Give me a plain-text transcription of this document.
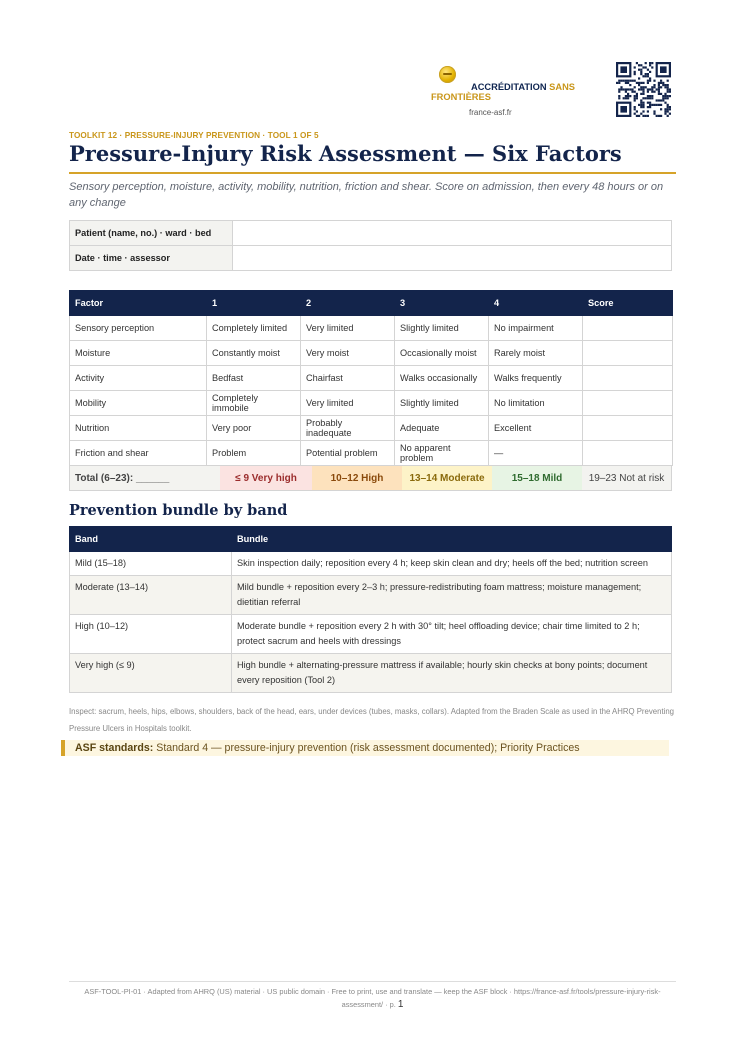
ACCRÉDITATION SANS
FRONTIÈRES
france-asf.fr
TOOLKIT 12 · PRESSURE-INJURY PREVENTION · TOOL 1 OF 5
Pressure-Injury Risk Assessment — Six Factors
Sensory perception, moisture, activity, mobility, nutrition, friction and shear. Score on admission, then every 48 hours or on any change
Patient (name, no.) · ward · bed	
Date · time · assessor	
Factor	1	2	3	4	Score
Sensory perception	Completely limited	Very limited	Slightly limited	No impairment	
Moisture	Constantly moist	Very moist	Occasionally moist	Rarely moist	
Activity	Bedfast	Chairfast	Walks occasionally	Walks frequently	
Mobility	Completely immobile	Very limited	Slightly limited	No limitation	
Nutrition	Very poor	Probably inadequate	Adequate	Excellent	
Friction and shear	Problem	Potential problem	No apparent problem	—	
Total (6–23): ______	≤ 9 Very high	10–12 High	13–14 Moderate	15–18 Mild	19–23 Not at risk
Prevention bundle by band
Band	Bundle
Mild (15–18)	Skin inspection daily; reposition every 4 h; keep skin clean and dry; heels off the bed; nutrition screen
Moderate (13–14)	Mild bundle + reposition every 2–3 h; pressure-redistributing foam mattress; moisture management; dietitian referral
High (10–12)	Moderate bundle + reposition every 2 h with 30° tilt; heel offloading device; chair time limited to 2 h; protect sacrum and heels with dressings
Very high (≤ 9)	High bundle + alternating-pressure mattress if available; hourly skin checks at bony points; document every reposition (Tool 2)
Inspect: sacrum, heels, hips, elbows, shoulders, back of the head, ears, under devices (tubes, masks, collars). Adapted from the Braden Scale as used in the AHRQ Preventing Pressure Ulcers in Hospitals toolkit.
ASF standards: Standard 4 — pressure-injury prevention (risk assessment documented); Priority Practices
ASF-TOOL-PI-01 · Adapted from AHRQ (US) material · US public domain · Free to print, use and translate — keep the ASF block · https://france-asf.fr/tools/pressure-injury-risk-assessment/ · p. 1
